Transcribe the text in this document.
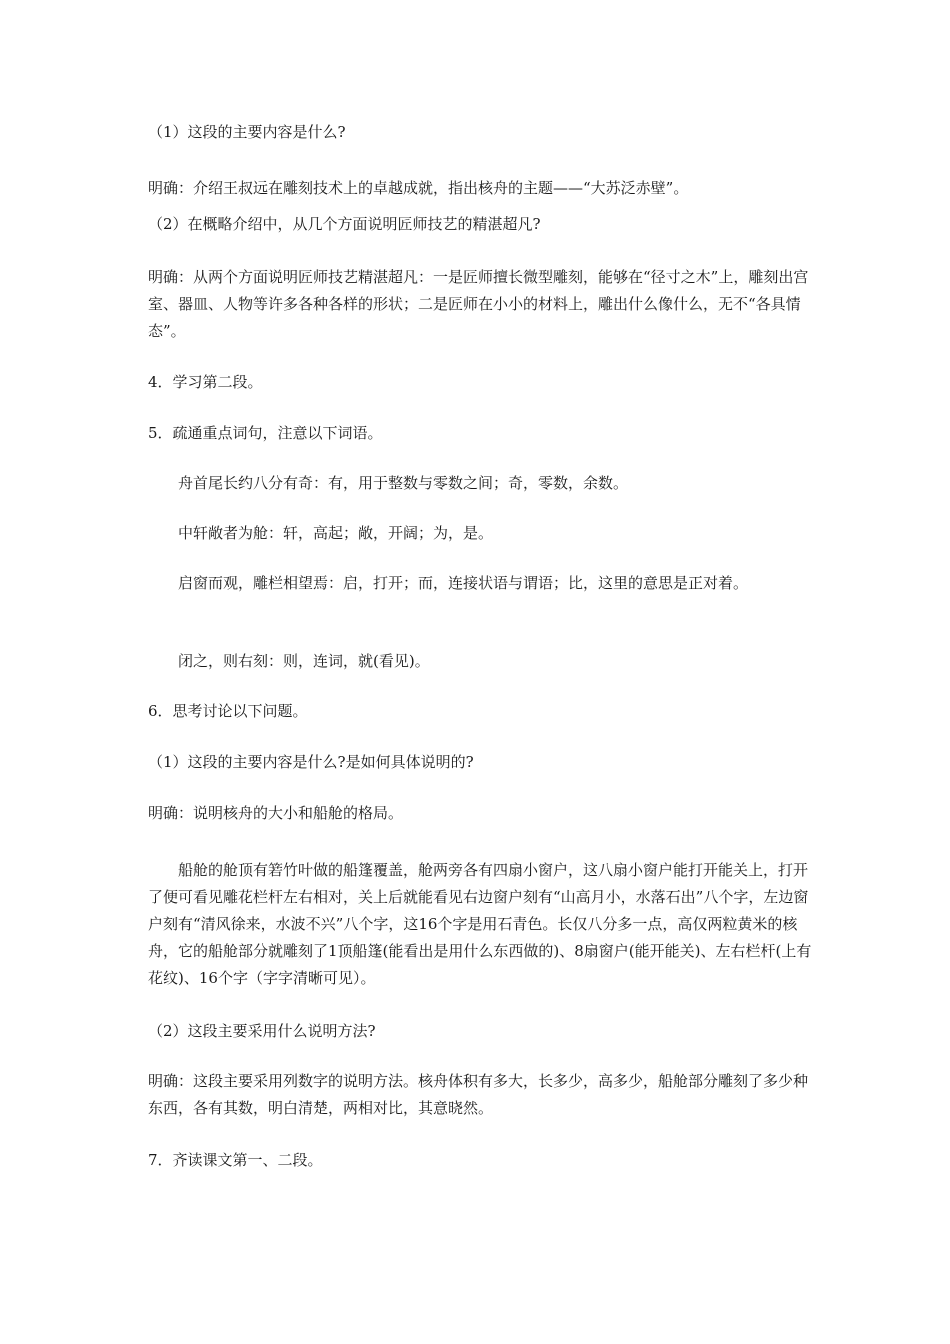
（1）这段的主要内容是什么?
明确：介绍王叔远在雕刻技术上的卓越成就，指出核舟的主题——“大苏泛赤壁”。
（2）在概略介绍中，从几个方面说明匠师技艺的精湛超凡?
明确：从两个方面说明匠师技艺精湛超凡：一是匠师擅长微型雕刻，能够在“径寸之木”上，雕刻出宫室、器皿、人物等许多各种各样的形状；二是匠师在小小的材料上，雕出什么像什么，无不“各具情态”。
4．学习第二段。
5．疏通重点词句，注意以下词语。
舟首尾长约八分有奇：有，用于整数与零数之间；奇，零数，余数。
中轩敞者为舱：轩，高起；敞，开阔；为，是。
启窗而观，雕栏相望焉：启，打开；而，连接状语与谓语；比，这里的意思是正对着。
闭之，则右刻：则，连词，就(看见)。
6．思考讨论以下问题。
（1）这段的主要内容是什么?是如何具体说明的?
明确：说明核舟的大小和船舱的格局。
船舱的舱顶有箬竹叶做的船篷覆盖，舱两旁各有四扇小窗户，这八扇小窗户能打开能关上，打开了便可看见雕花栏杆左右相对，关上后就能看见右边窗户刻有“山高月小，水落石出”八个字，左边窗户刻有“清风徐来，水波不兴”八个字，这16个字是用石青色。长仅八分多一点，高仅两粒黄米的核舟，它的船舱部分就雕刻了1顶船篷(能看出是用什么东西做的)、8扇窗户(能开能关)、左右栏杆(上有花纹)、16个字（字字清晰可见）。
（2）这段主要采用什么说明方法?
明确：这段主要采用列数字的说明方法。核舟体积有多大，长多少，高多少，船舱部分雕刻了多少种东西，各有其数，明白清楚，两相对比，其意晓然。
7．齐读课文第一、二段。
